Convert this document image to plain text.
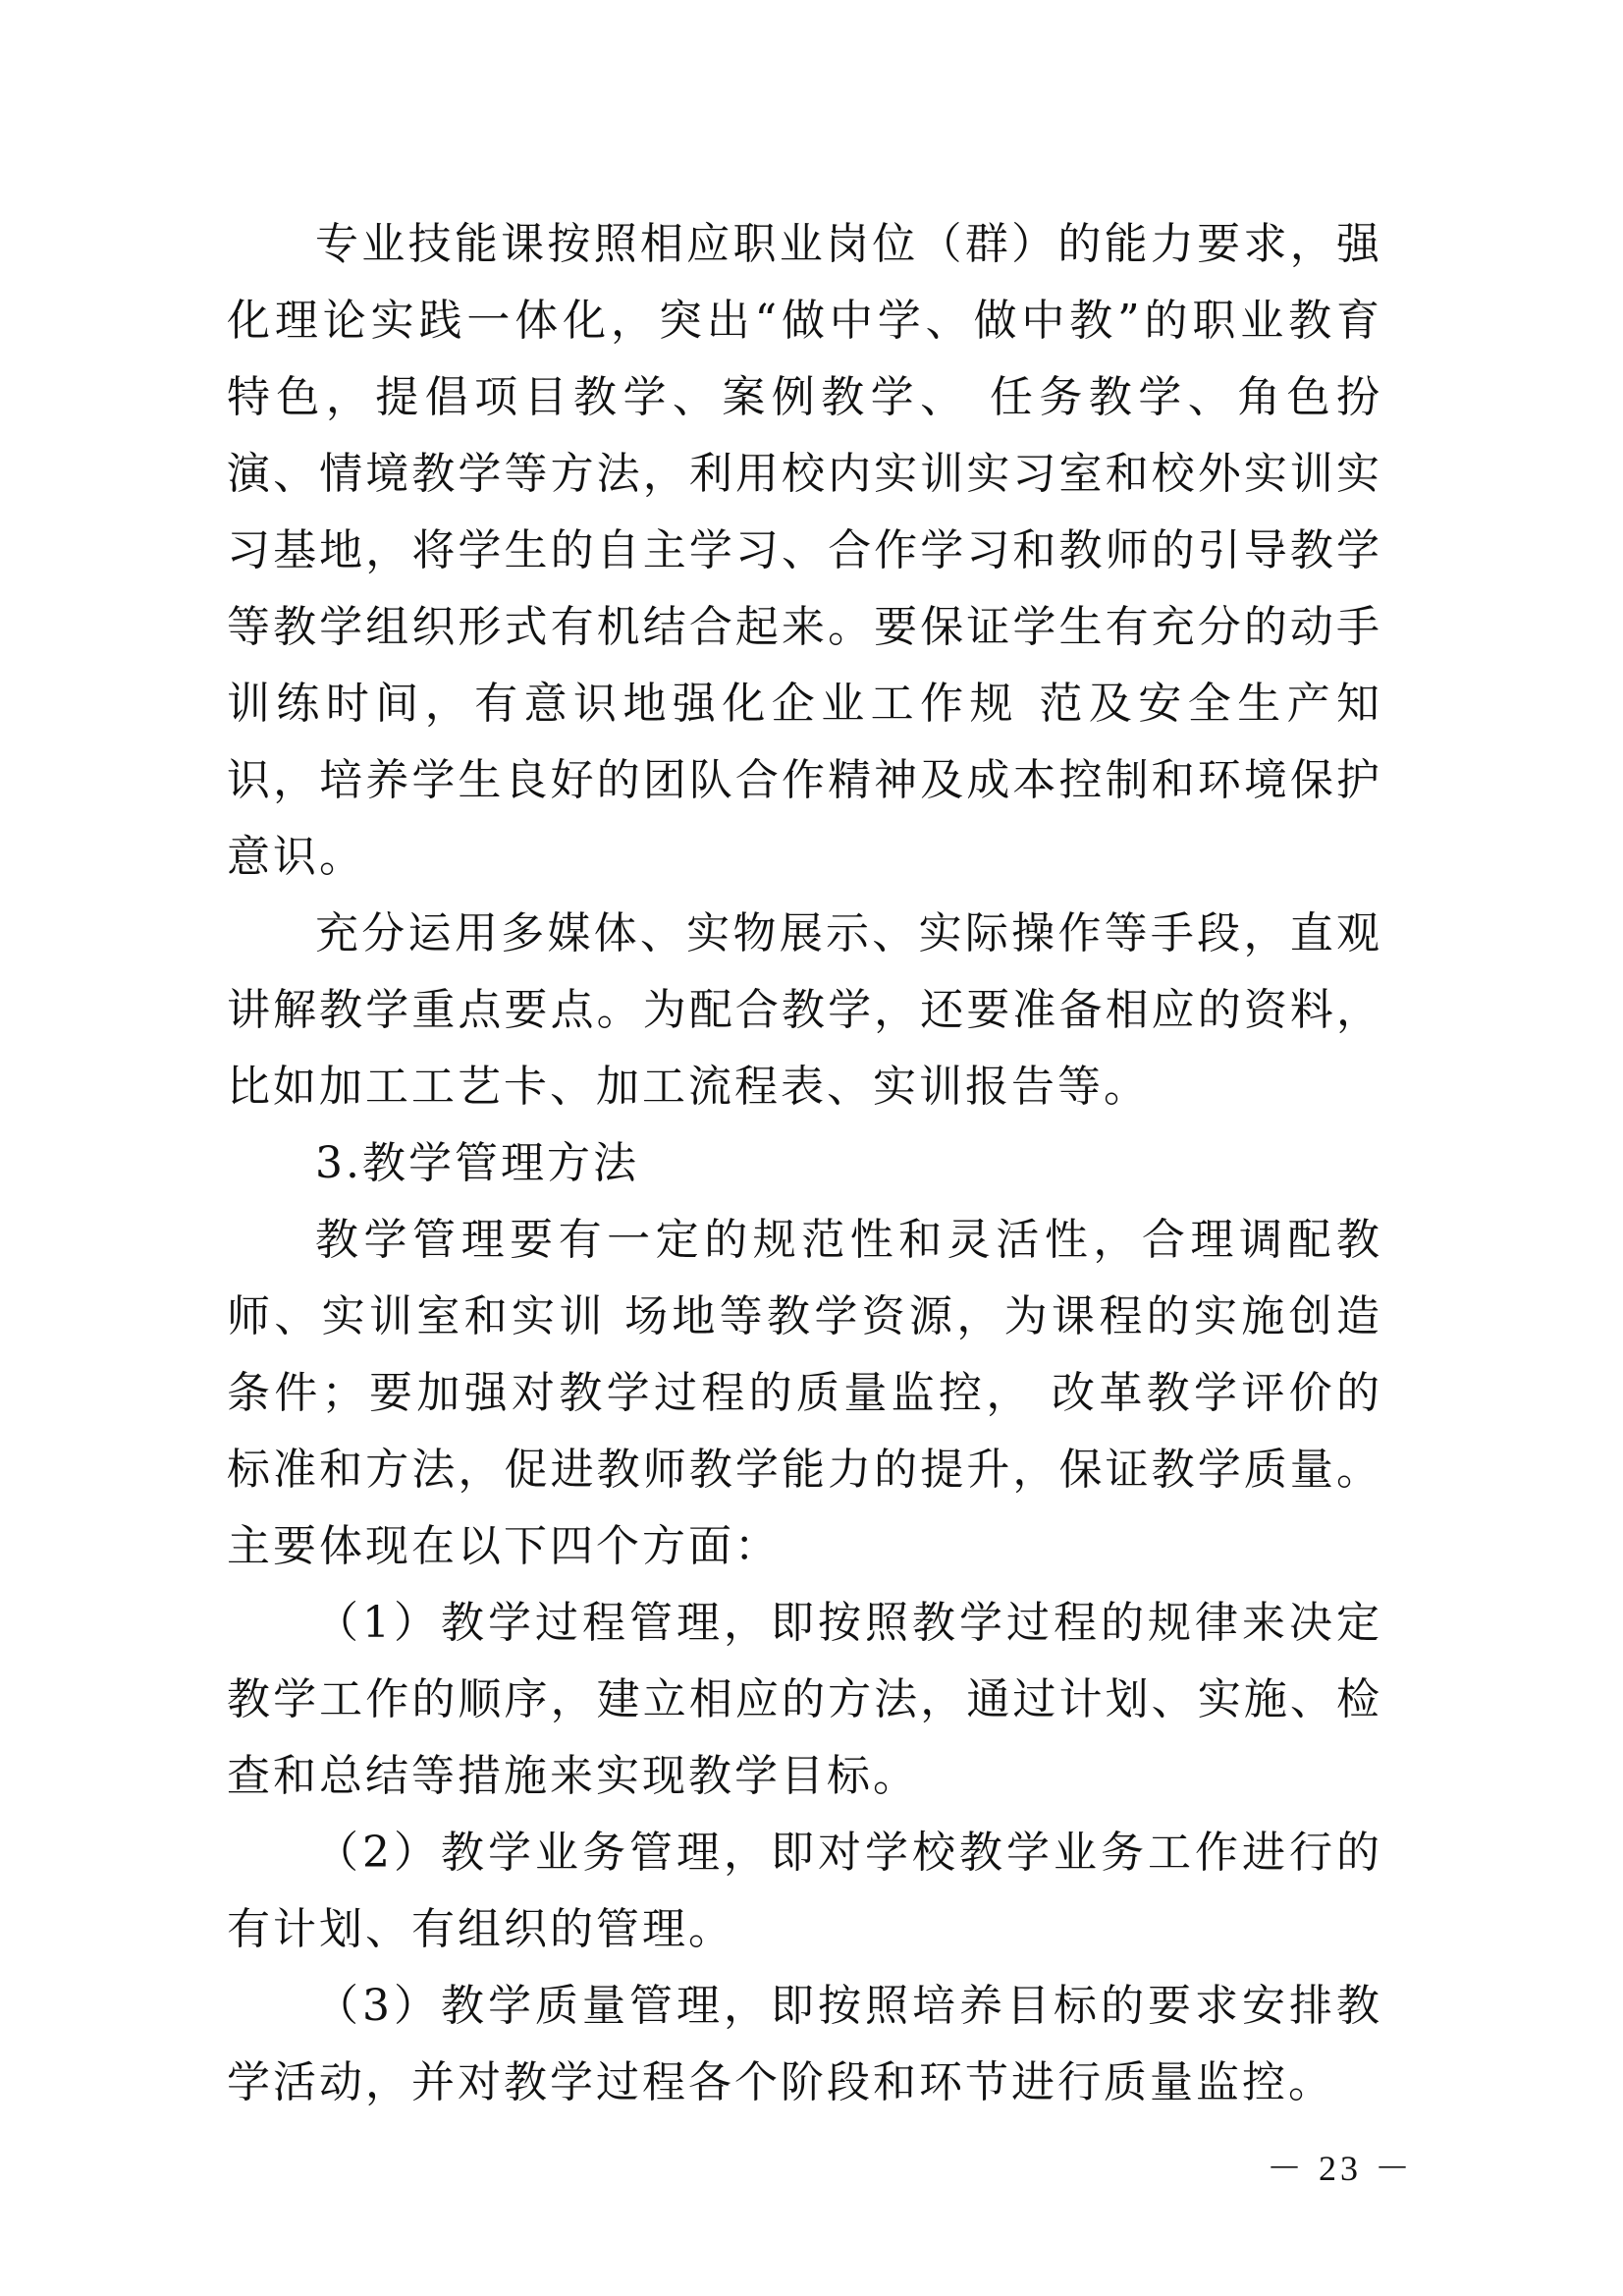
专业技能课按照相应职业岗位（群）的能力要求，强化理论实践一体化，突出“做中学、做中教”的职业教育特色，提倡项目教学、案例教学、 任务教学、角色扮演、情境教学等方法，利用校内实训实习室和校外实训实 习基地，将学生的自主学习、合作学习和教师的引导教学等教学组织形式有机结合起来。要保证学生有充分的动手训练时间，有意识地强化企业工作规 范及安全生产知识，培养学生良好的团队合作精神及成本控制和环境保护意识。

充分运用多媒体、实物展示、实际操作等手段，直观讲解教学重点要点。为配合教学，还要准备相应的资料，比如加工工艺卡、加工流程表、实训报告等。

3.教学管理方法

教学管理要有一定的规范性和灵活性，合理调配教师、实训室和实训 场地等教学资源，为课程的实施创造条件；要加强对教学过程的质量监控， 改革教学评价的标准和方法，促进教师教学能力的提升，保证教学质量。主要体现在以下四个方面：

（1）教学过程管理，即按照教学过程的规律来决定教学工作的顺序，建立相应的方法，通过计划、实施、检查和总结等措施来实现教学目标。

（2）教学业务管理，即对学校教学业务工作进行的有计划、有组织的管理。

（3）教学质量管理，即按照培养目标的要求安排教学活动，并对教学过程各个阶段和环节进行质量监控。

－ 23 －
